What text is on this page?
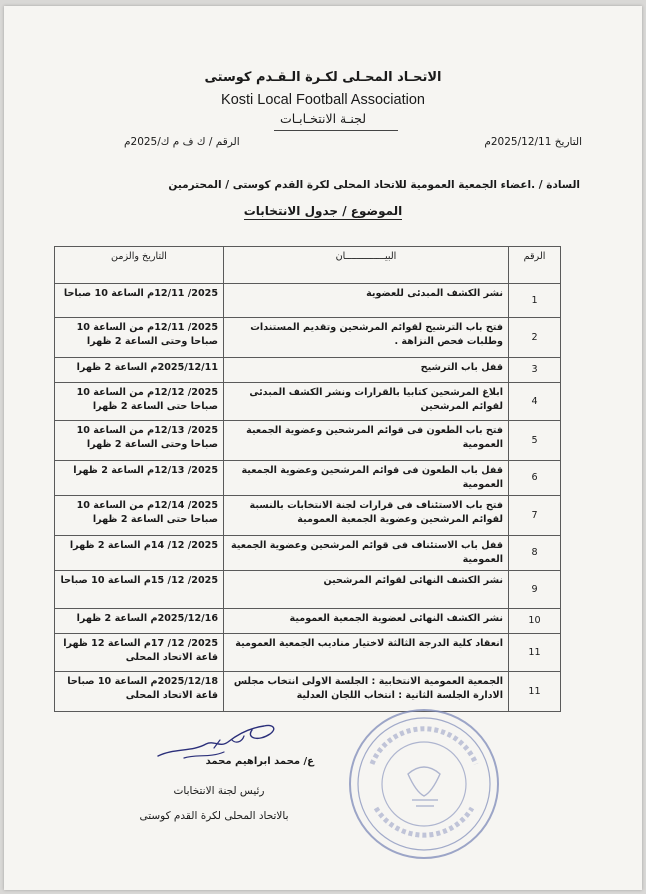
الاتحـاد المحـلى لكـرة الـقـدم كوستى
Kosti Local Football Association
لجنـة الانتخـابـات
التاريخ 2025/12/11م
الرقم / ك ف م ك/2025م
السادة / .اعضاء الجمعية العمومية للاتحاد المحلى لكرة القدم كوستى / المحترمين
الموضوع / جدول الانتخابات
الرقم	البيــــــــــــــان	التاريخ والزمن
1	نشر الكشف المبدئى للعضوية	2025/ 12/11م الساعة 10 صباحا
2	فتح باب الترشيح لقوائم المرشحين وتقديم المستندات وطلبات فحص النزاهة .	2025/ 12/11م من الساعة 10 صباحا وحتى الساعة 2 ظهرا
3	قفل باب الترشيح	2025/12/11م الساعة 2 ظهرا
4	ابلاغ المرشحين كتابيا بالقرارات ونشر الكشف المبدئى لقوائم المرشحين	2025/ 12/12م من الساعة 10 صباحا حتى الساعة 2 ظهرا
5	فتح باب الطعون فى قوائم المرشحين وعضوية الجمعية العمومية	2025/ 12/13م من الساعة 10 صباحا وحتى الساعة 2 ظهرا
6	قفل باب الطعون فى قوائم المرشحين وعضوية الجمعية العمومية	2025/ 12/13م الساعة 2 ظهرا
7	فتح باب الاستئناف فى قرارات لجنة الانتخابات بالنسبة لقوائم المرشحين وعضوية الجمعية العمومية	2025/ 12/14م من الساعة 10 صباحا حتى الساعة 2 ظهرا
8	قفل باب الاستئناف فى قوائم المرشحين وعضوية الجمعية العمومية	2025/ 12/ 14م الساعة 2 ظهرا
9	نشر الكشف النهائى لقوائم المرشحين	2025/ 12/ 15م الساعة 10 صباحا
10	نشر الكشف النهائى لعضوية الجمعية العمومية	2025/12/16م الساعة 2 ظهرا
11	انعقاد كلية الدرجة الثالثة لاختيار مناديب الجمعية العمومية	2025/ 12/ 17م الساعة 12 ظهرا قاعة الاتحاد المحلى
11	الجمعية العمومية الانتخابية : الجلسة الاولى انتخاب مجلس الادارة الجلسة الثانية : انتخاب اللجان العدلية	2025/12/18م الساعة 10 صباحا قاعة الاتحاد المحلى
ع/ محمد ابراهيم محمد
رئيس لجنة الانتخابات
بالاتحاد المحلى لكرة القدم كوستى
